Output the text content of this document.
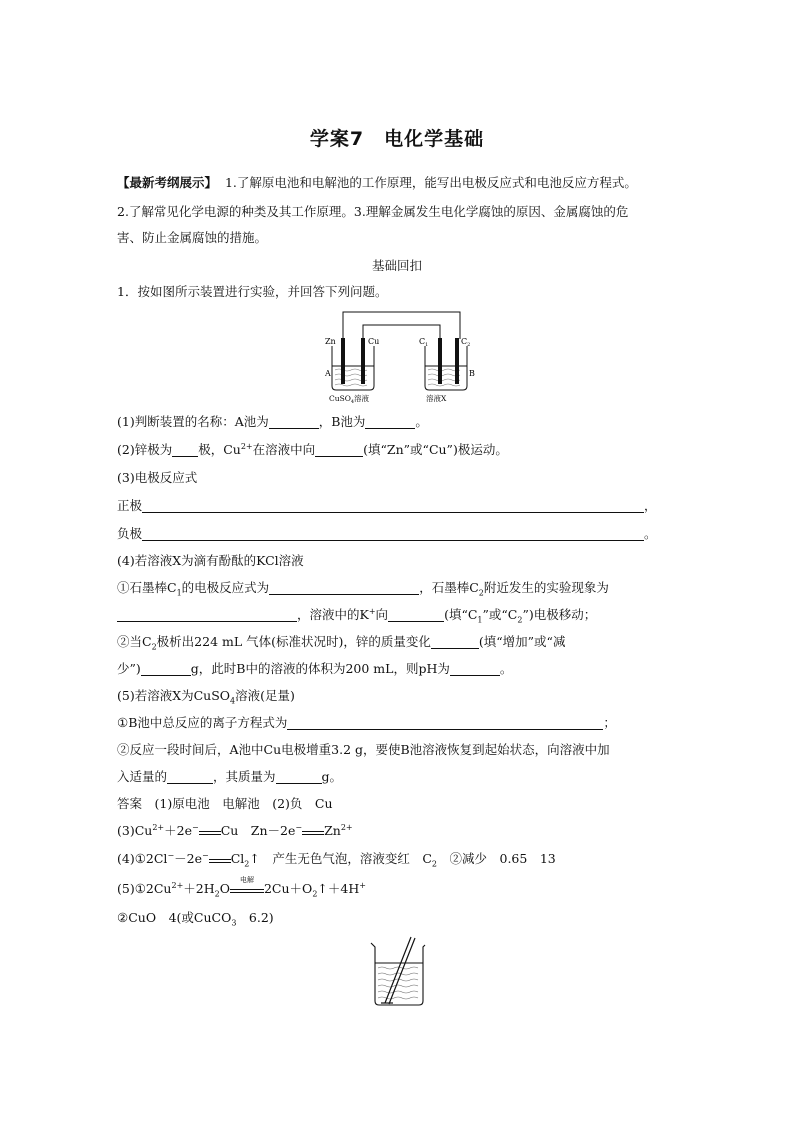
学案7　电化学基础
【最新考纲展示】 1.了解原电池和电解池的工作原理，能写出电极反应式和电池反应方程式。
2.了解常见化学电源的种类及其工作原理。3.理解金属发生电化学腐蚀的原因、金属腐蚀的危
害、防止金属腐蚀的措施。
基础回扣
1．按如图所示装置进行实验，并回答下列问题。
Zn	Cu	$C_1$	$C_2$
A	B
CuSO$_4$溶液	溶液X
(1)判断装置的名称：A池为	，B池为	。
(2)锌极为 极，$Cu^{2+}$在溶液中向	(填“Zn”或“Cu”)极运动。
(3)电极反应式
正极	，
负极	。
(4)若溶液X为滴有酚酞的KCl溶液
①石墨棒$C_1$的电极反应式为	，石墨棒$C_2$附近发生的实验现象为
，溶液中的K+向	(填“$C_1$”或“$C_2$”)电极移动；
②当$C_2$极析出224 mL 气体(标准状况时)，锌的质量变化	(填“增加”或“减
少”)	g，此时B中的溶液的体积为200 mL，则pH为	。
(5)若溶液X为CuSO$_4$溶液(足量)
①B池中总反应的离子方程式为	；
②反应一段时间后，A池中Cu电极增重3.2 g，要使B池溶液恢复到起始状态，向溶液中加
入适量的	，其质量为	g。
答案　(1)原电池　电解池　(2)负　Cu
$(3)Cu^{2+}+2e^-$ Cu　Zn－2e− $Zn^{2+}$
(4)①2Cl−－2e− $Cl_2↑$　产生无色气泡，溶液变红　$C_2$　②减少　0.65　13
$(5)①2Cu^{2+}+2H_2O$
电解
$2Cu+O_2↑+4H^+$
②CuO　4(或CuCO$_3$　6.2)
